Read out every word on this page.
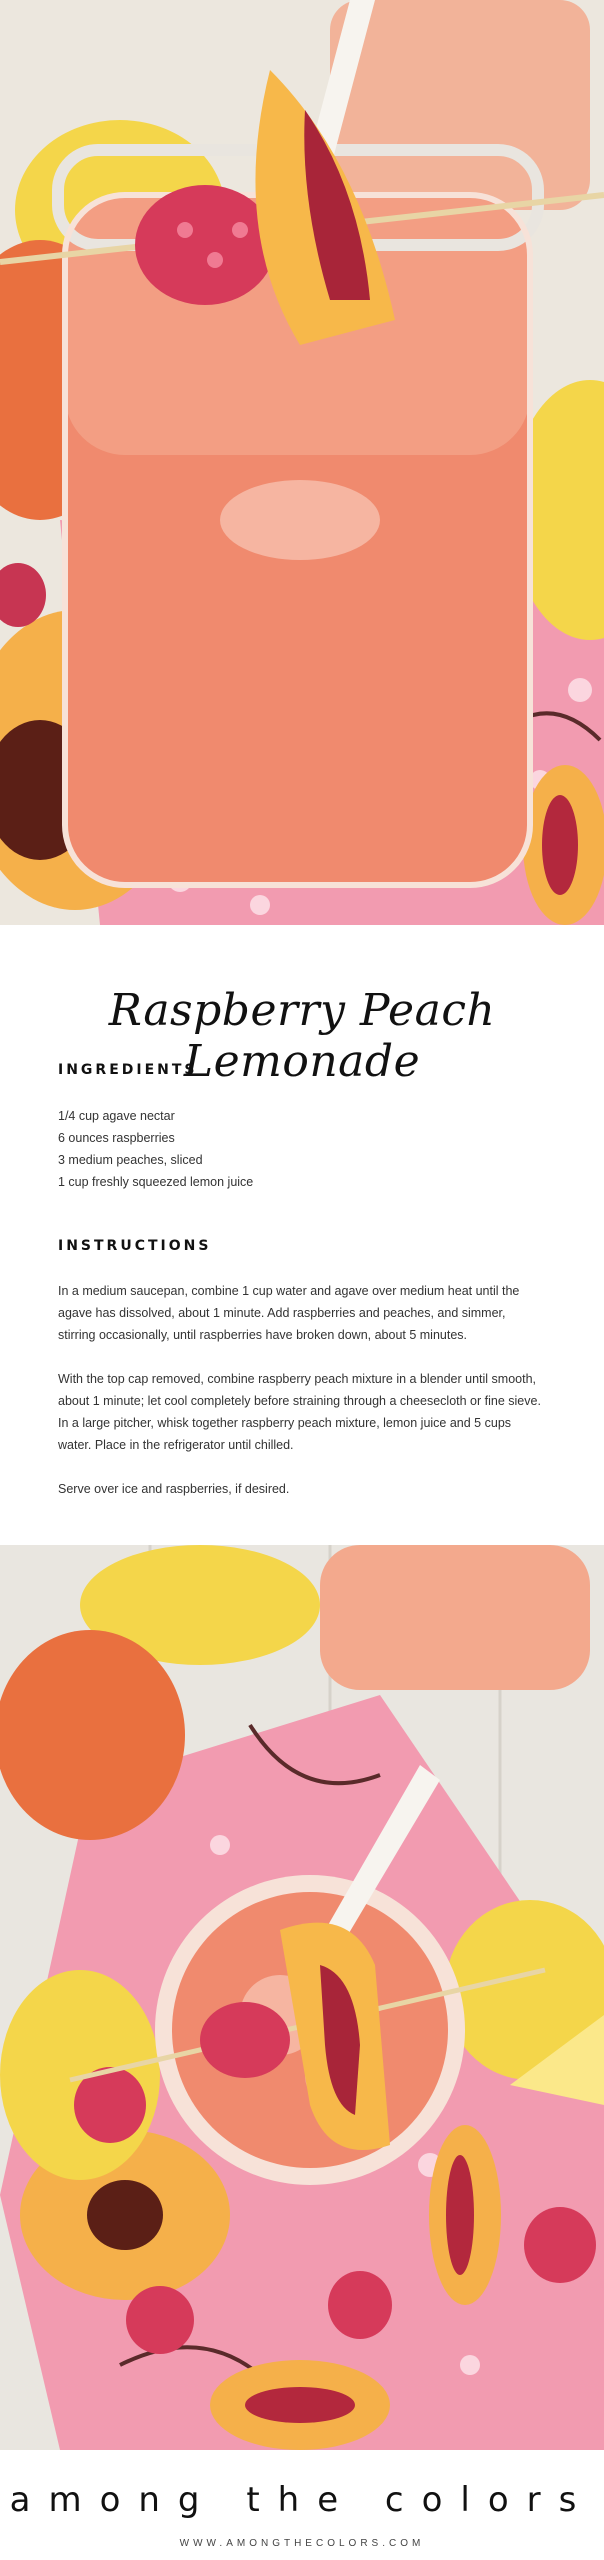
Raspberry Peach Lemonade
INGREDIENTS
1/4 cup agave nectar
6 ounces raspberries
3 medium peaches, sliced
1 cup freshly squeezed lemon juice
INSTRUCTIONS

In a medium saucepan, combine 1 cup water and agave over medium heat until the agave has dissolved, about 1 minute. Add raspberries and peaches, and simmer, stirring occasionally, until raspberries have broken down, about 5 minutes.

With the top cap removed, combine raspberry peach mixture in a blender until smooth, about 1 minute; let cool completely before straining through a cheesecloth or fine sieve. In a large pitcher, whisk together raspberry peach mixture, lemon juice and 5 cups water. Place in the refrigerator until chilled.

Serve over ice and raspberries, if desired.

among the colors
WWW.AMONGTHECOLORS.COM
